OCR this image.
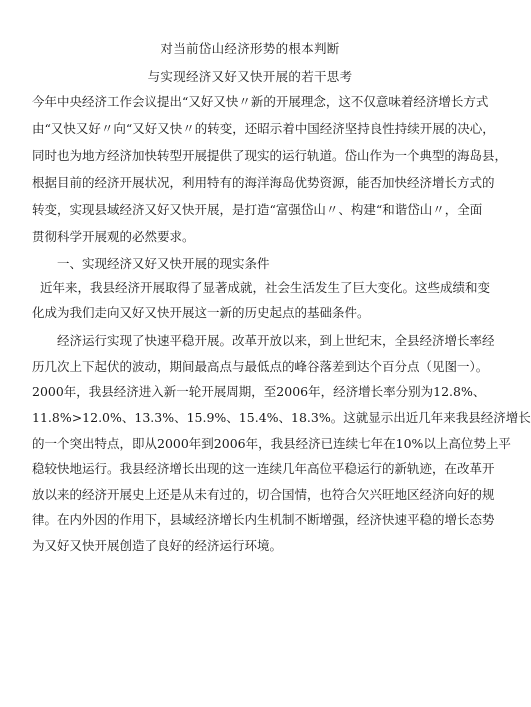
对当前岱山经济形势的根本判断
与实现经济又好又快开展的若干思考
今年中央经济工作会议提出“又好又快〃新的开展理念，这不仅意味着经济增长方式
由“又快又好〃向“又好又快〃的转变，还昭示着中国经济坚持良性持续开展的决心，
同时也为地方经济加快转型开展提供了现实的运行轨道。岱山作为一个典型的海岛县，
根据目前的经济开展状况，利用特有的海洋海岛优势资源，能否加快经济增长方式的
转变，实现县域经济又好又快开展，是打造“富强岱山〃、构建“和谐岱山〃，全面
贯彻科学开展观的必然要求。
一、实现经济又好又快开展的现实条件
近年来，我县经济开展取得了显著成就，社会生活发生了巨大变化。这些成绩和变
化成为我们走向又好又快开展这一新的历史起点的基础条件。
经济运行实现了快速平稳开展。改革开放以来，到上世纪末，全县经济增长率经
历几次上下起伏的波动，期间最高点与最低点的峰谷落差到达个百分点（见图一）。
2000年，我县经济进入新一轮开展周期，至2006年，经济增长率分别为12.8%、
11.8%>12.0%、13.3%、15.9%、15.4%、18.3%。这就显示出近几年来我县经济增长
的一个突出特点，即从2000年到2006年，我县经济已连续七年在10%以上高位势上平
稳较快地运行。我县经济增长出现的这一连续几年高位平稳运行的新轨迹，在改革开
放以来的经济开展史上还是从未有过的，切合国情，也符合欠兴旺地区经济向好的规
律。在内外因的作用下，县域经济增长内生机制不断增强，经济快速平稳的增长态势
为又好又快开展创造了良好的经济运行环境。
